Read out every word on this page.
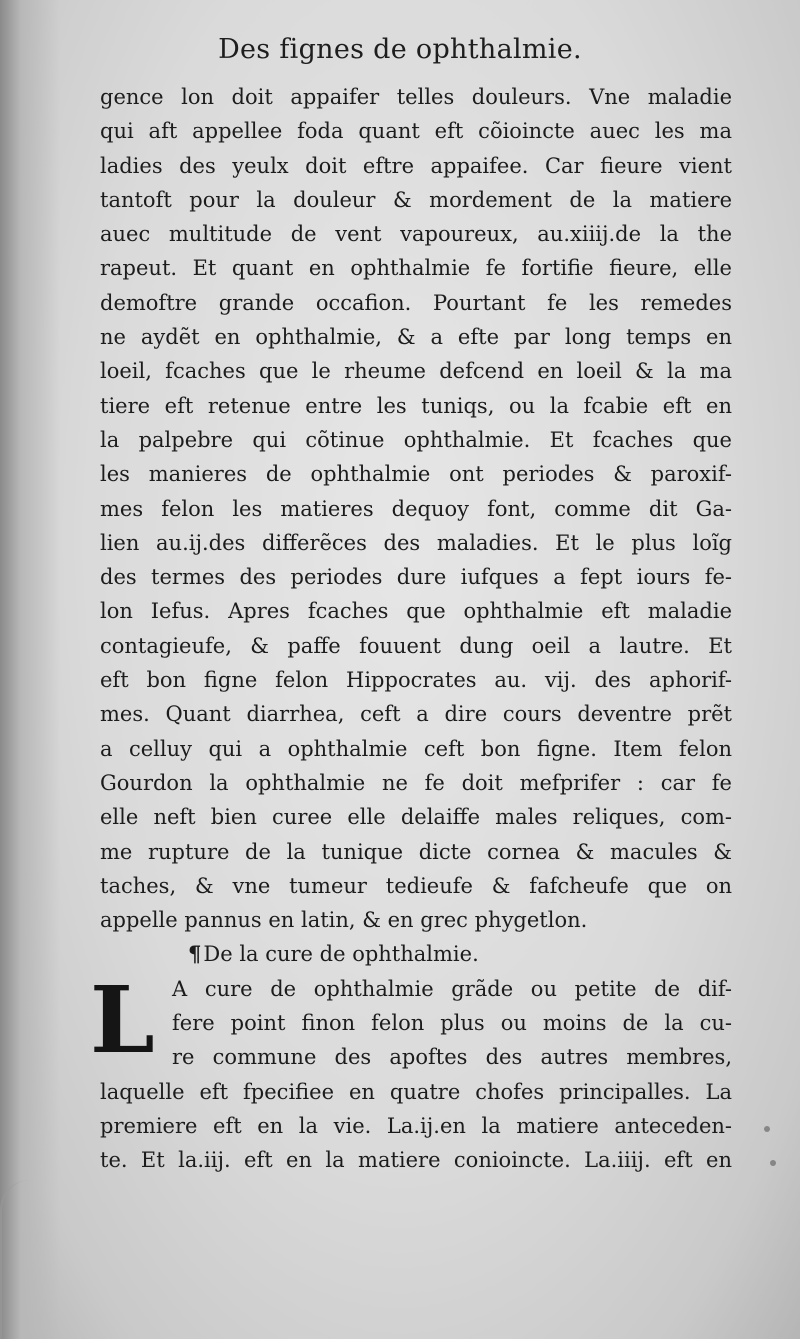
Des fignes de ophthalmie.
gence lon doit appaifer telles douleurs. Vne maladie
qui aft appellee foda quant eft cõioincte auec les ma
ladies des yeulx doit eftre appaifee. Car fieure vient
tantoft pour la douleur & mordement de la matiere
auec multitude de vent vapoureux, au.xiiij.de la the
rapeut. Et quant en ophthalmie fe fortifie fieure, elle
demoftre grande occafion. Pourtant fe les remedes
ne aydẽt en ophthalmie, & a efte par long temps en
loeil, fcaches que le rheume defcend en loeil & la ma
tiere eft retenue entre les tuniqs, ou la fcabie eft en
la palpebre qui cõtinue ophthalmie. Et fcaches que
les manieres de ophthalmie ont periodes & paroxif-
mes felon les matieres dequoy font, comme dit Ga-
lien au.ij.des differẽces des maladies. Et le plus loĩg
des termes des periodes dure iufques a fept iours fe-
lon Iefus. Apres fcaches que ophthalmie eft maladie
contagieufe, & paffe fouuent dung oeil a lautre. Et
eft bon figne felon Hippocrates au. vij. des aphorif-
mes. Quant diarrhea, ceft a dire cours deventre prẽt
a celluy qui a ophthalmie ceft bon figne. Item felon
Gourdon la ophthalmie ne fe doit mefprifer : car fe
elle neft bien curee elle delaiffe males reliques, com-
me rupture de la tunique dicte cornea & macules &
taches, & vne tumeur tedieufe & fafcheufe que on
appelle pannus en latin, & en grec phygetlon.
¶De la cure de ophthalmie.
L A cure de ophthalmie grãde ou petite de dif-
fere point finon felon plus ou moins de la cu-
re commune des apoftes des autres membres,
laquelle eft fpecifiee en quatre chofes principalles. La
premiere eft en la vie. La.ij.en la matiere anteceden-
te. Et la.iij. eft en la matiere conioincte. La.iiij. eft en
